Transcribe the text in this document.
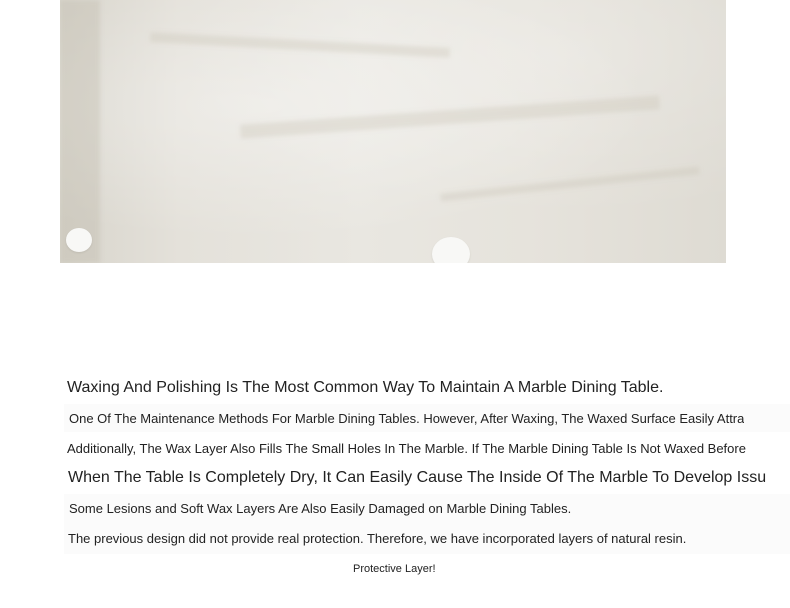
Waxing And Polishing Is The Most Common Way To Maintain A Marble Dining Table.
One Of The Maintenance Methods For Marble Dining Tables. However, After Waxing, The Waxed Surface Easily Attra
Additionally, The Wax Layer Also Fills The Small Holes In The Marble. If The Marble Dining Table Is Not Waxed Before
When The Table Is Completely Dry, It Can Easily Cause The Inside Of The Marble To Develop Issu
Some Lesions and Soft Wax Layers Are Also Easily Damaged on Marble Dining Tables.
The previous design did not provide real protection. Therefore, we have incorporated layers of natural resin.
Protective Layer!
